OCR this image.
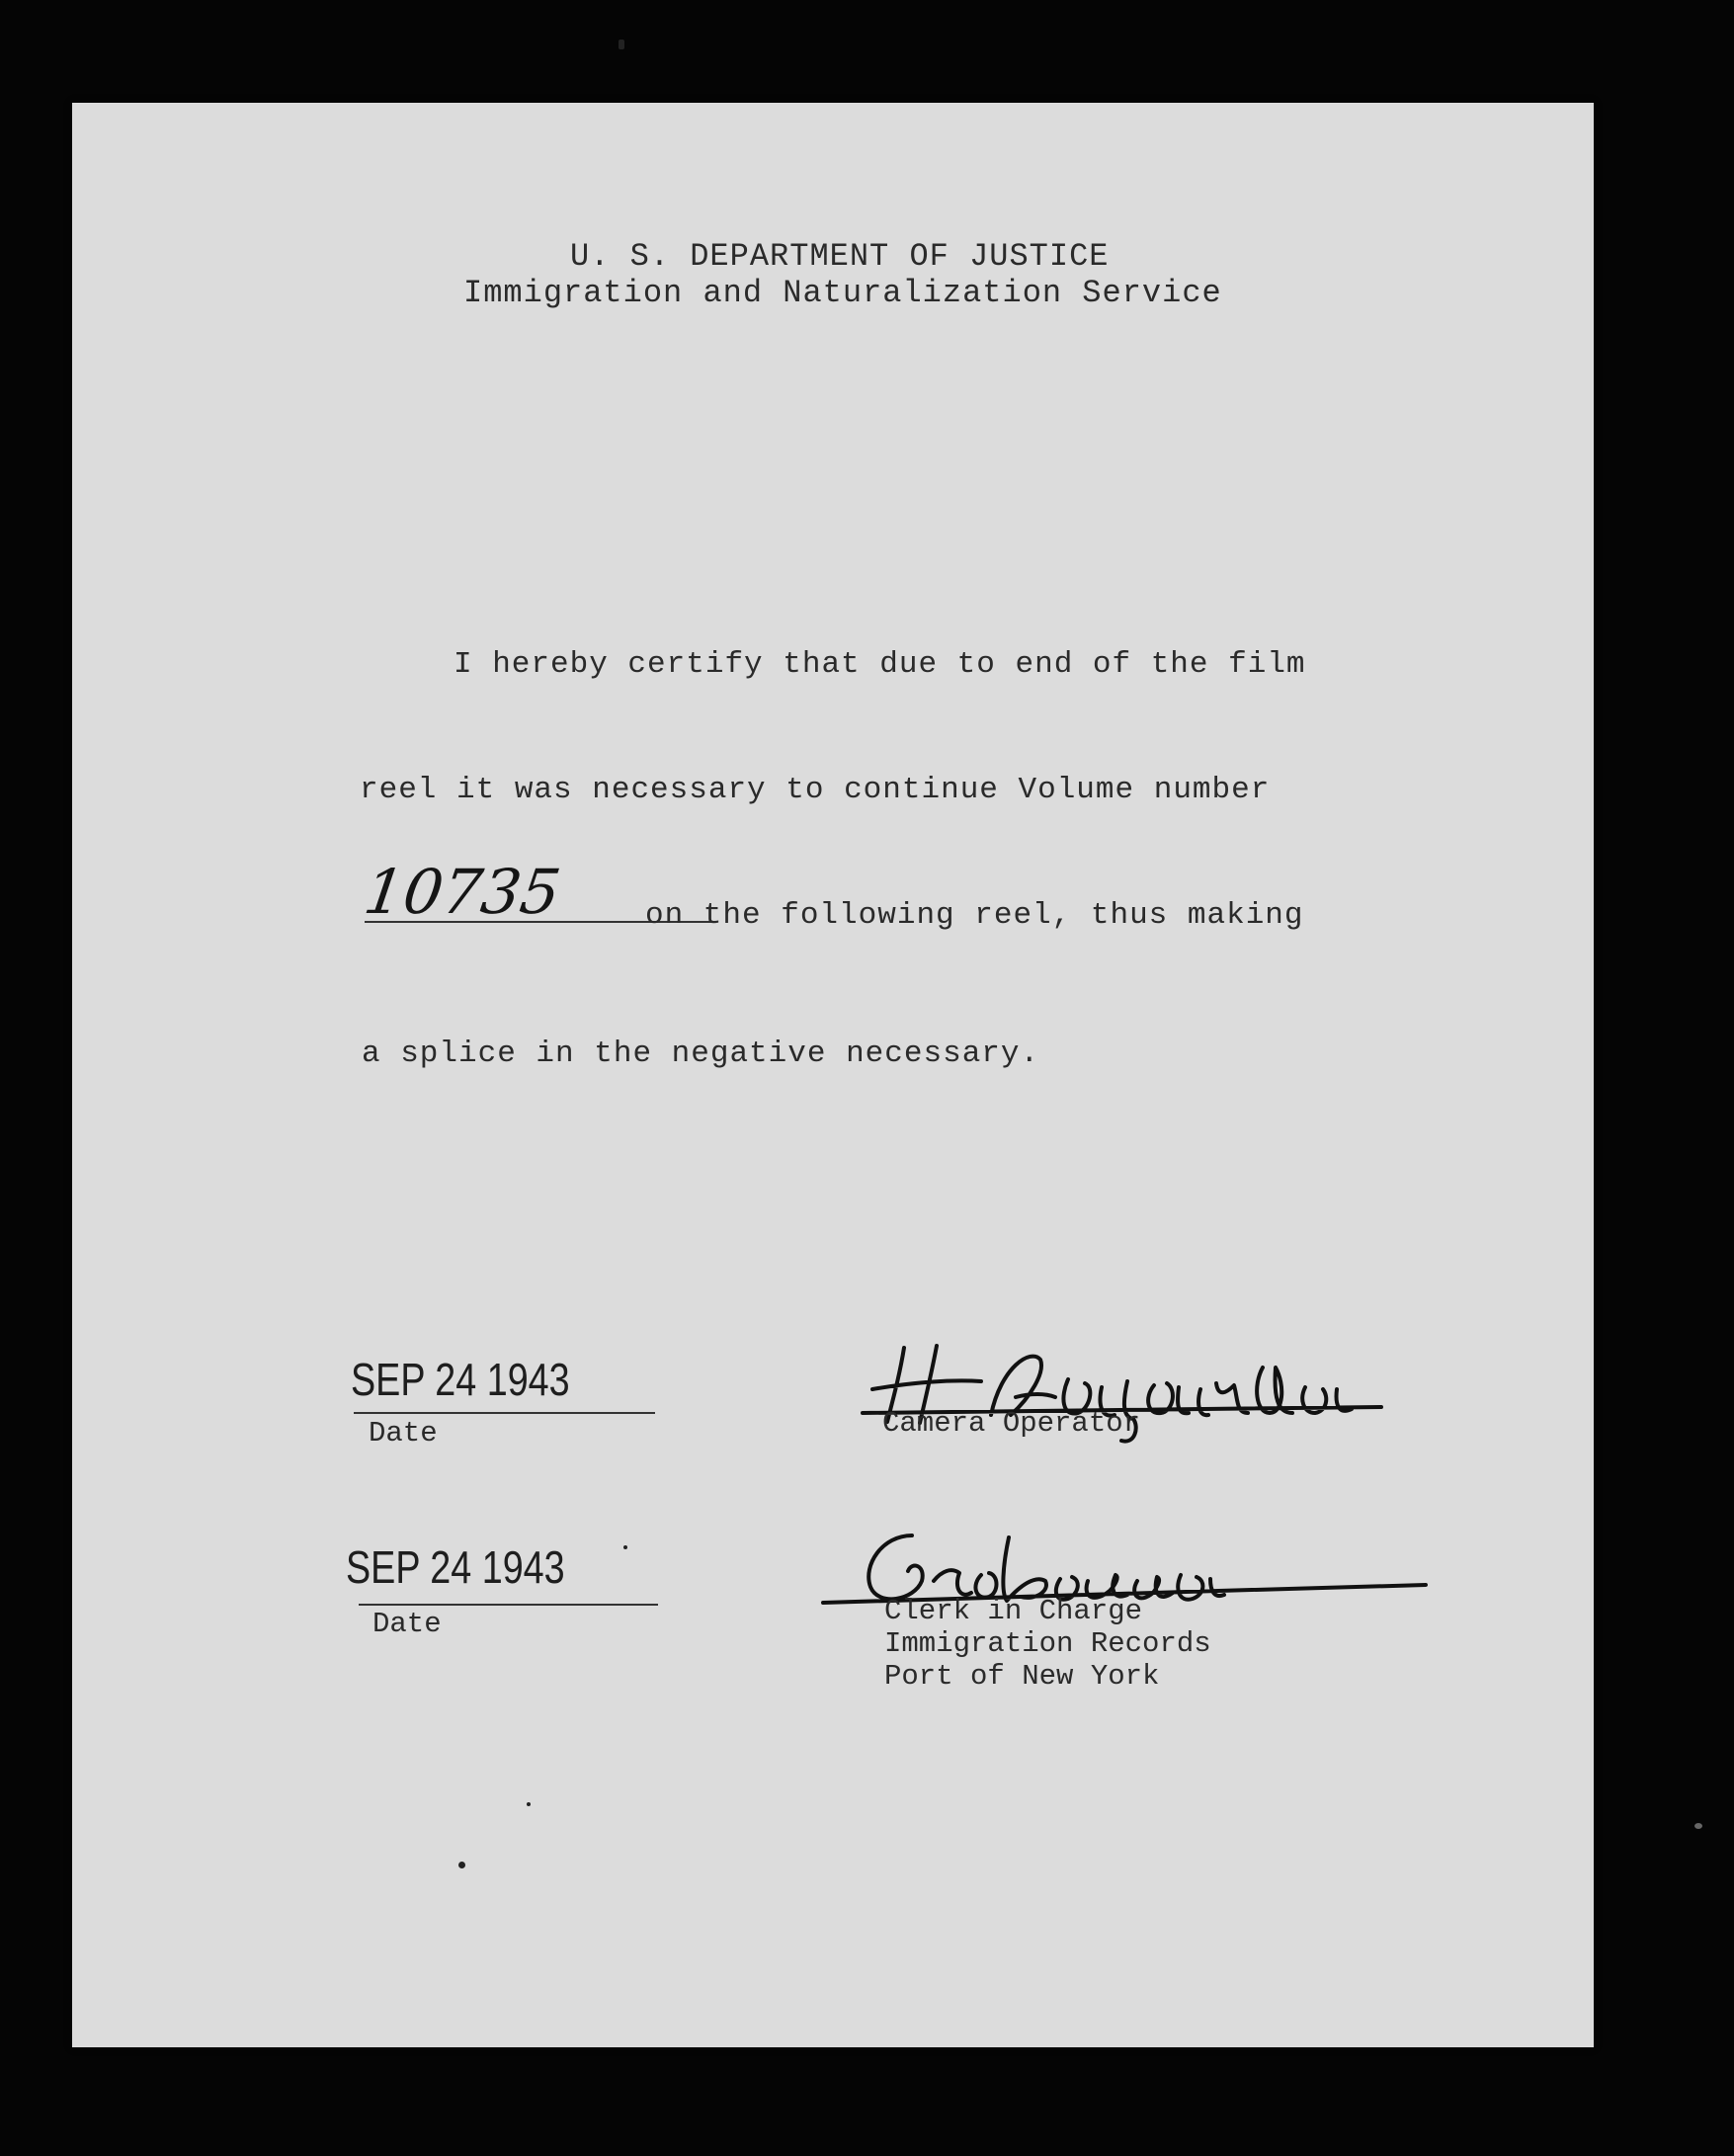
U. S. DEPARTMENT OF JUSTICE
Immigration and Naturalization Service
I hereby certify that due to end of the film
reel it was necessary to continue Volume number
10735	on the following reel, thus making
a splice in the negative necessary.
SEP 24 1943
Date	Camera Operator
SEP 24 1943
Date	Clerk in Charge
Immigration Records
Port of New York
